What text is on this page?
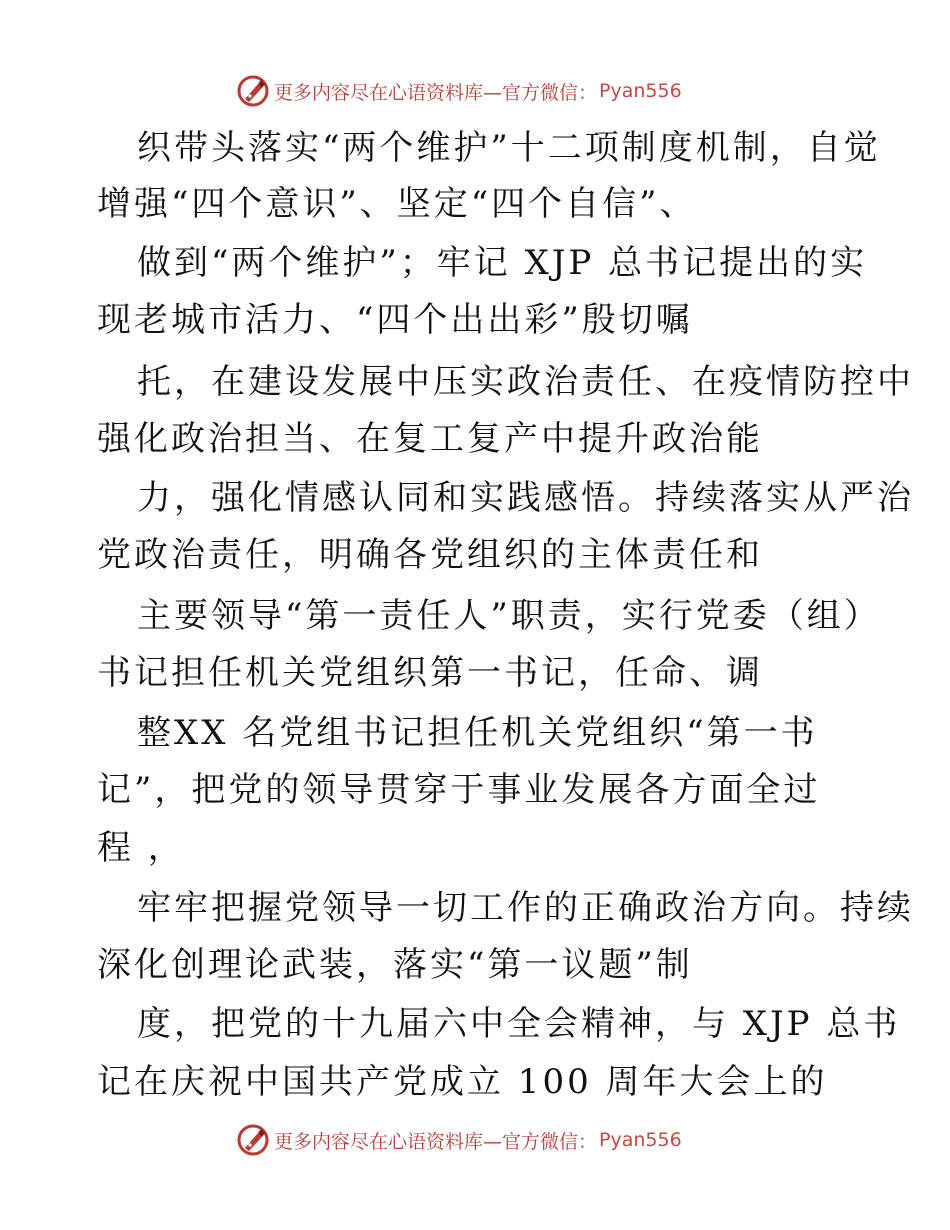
更多内容尽在心语资料库—官方微信： Pyan556
织带头落实“两个维护”十二项制度机制，自觉
增强“四个意识”、坚定“四个自信”、
做到“两个维护”；牢记 XJP 总书记提出的实
现老城市活力、“四个出出彩”殷切嘱
托，在建设发展中压实政治责任、在疫情防控中
强化政治担当、在复工复产中提升政治能
力，强化情感认同和实践感悟。持续落实从严治
党政治责任，明确各党组织的主体责任和
主要领导“第一责任人”职责，实行党委（组）
书记担任机关党组织第一书记，任命、调
整XX 名党组书记担任机关党组织“第一书
记”，把党的领导贯穿于事业发展各方面全过
程 ，
牢牢把握党领导一切工作的正确政治方向。持续
深化创理论武装，落实“第一议题”制
度，把党的十九届六中全会精神，与 XJP 总书
记在庆祝中国共产党成立 100 周年大会上的
更多内容尽在心语资料库—官方微信： Pyan556
